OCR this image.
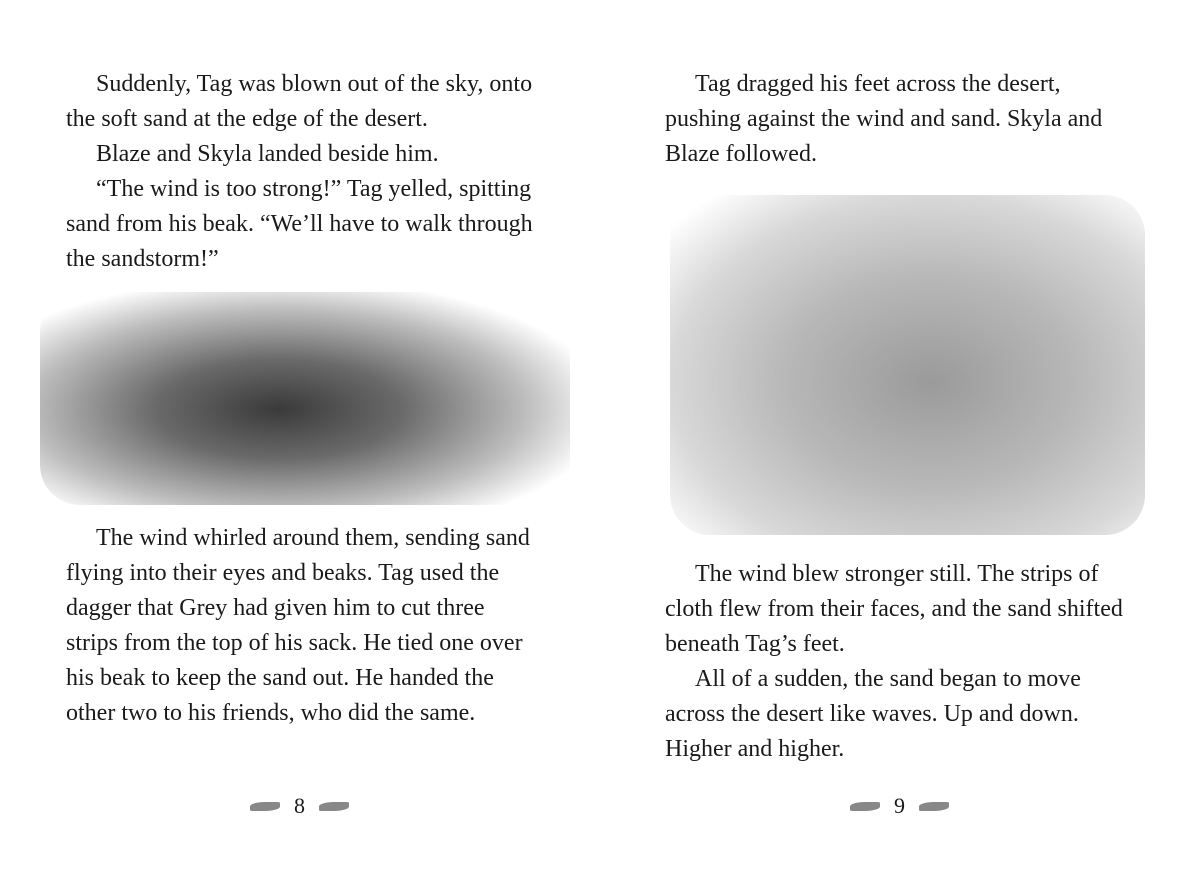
Suddenly, Tag was blown out of the sky, onto the soft sand at the edge of the desert.

Blaze and Skyla landed beside him.

“The wind is too strong!” Tag yelled, spitting sand from his beak. “We’ll have to walk through the sandstorm!”

The wind whirled around them, sending sand flying into their eyes and beaks. Tag used the dagger that Grey had given him to cut three strips from the top of his sack. He tied one over his beak to keep the sand out. He handed the other two to his friends, who did the same.

8

Tag dragged his feet across the desert, pushing against the wind and sand. Skyla and Blaze followed.

The wind blew stronger still. The strips of cloth flew from their faces, and the sand shifted beneath Tag’s feet.

All of a sudden, the sand began to move across the desert like waves. Up and down. Higher and higher.

9
